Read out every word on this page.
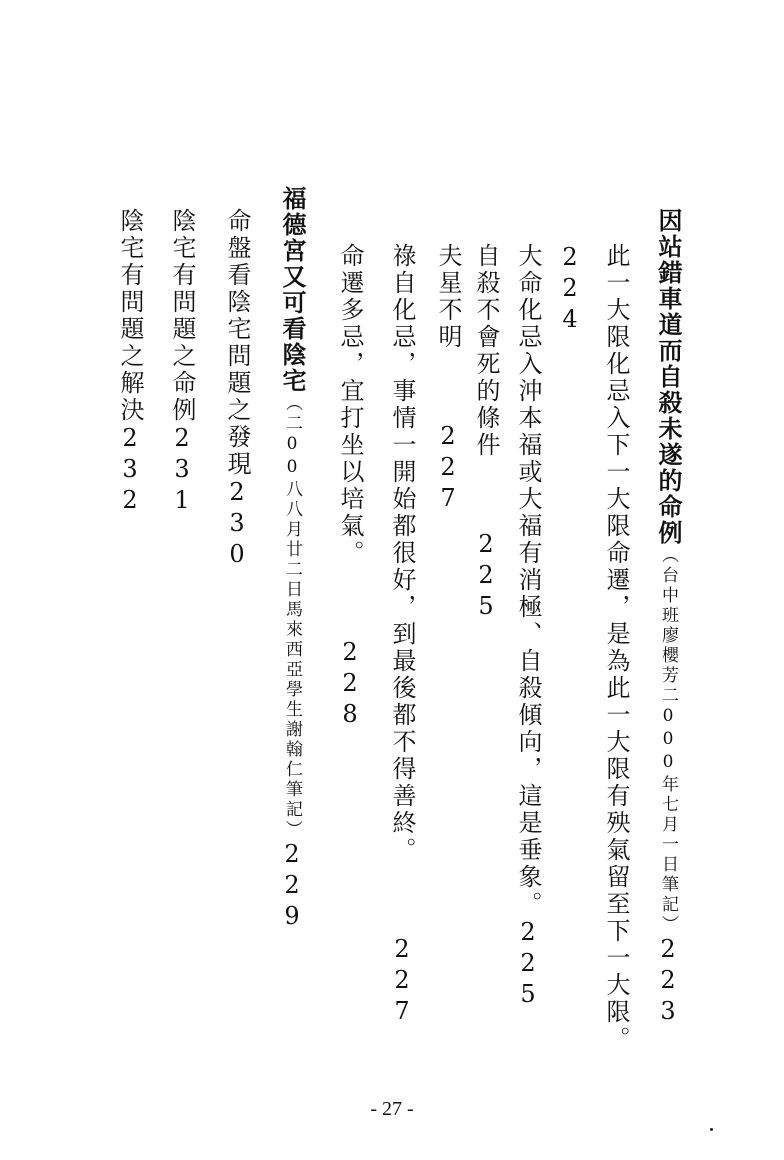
因站錯車道而自殺未遂的命例（台中班廖櫻芳二000年七月一日筆記）223
此一大限化忌入下一大限命遷，是為此一大限有殃氣留至下一大限。
224
大命化忌入沖本福或大福有消極、自殺傾向，這是垂象。225
自殺不會死的條件 225
夫星不明 227
祿自化忌，事情一開始都很好，到最後都不得善終。 227
命遷多忌，宜打坐以培氣。 228
福德宮又可看陰宅（二00八八月廿二日馬來西亞學生謝翰仁筆記）229
命盤看陰宅問題之發現230
陰宅有問題之命例231
陰宅有問題之解決232
- 27 -
